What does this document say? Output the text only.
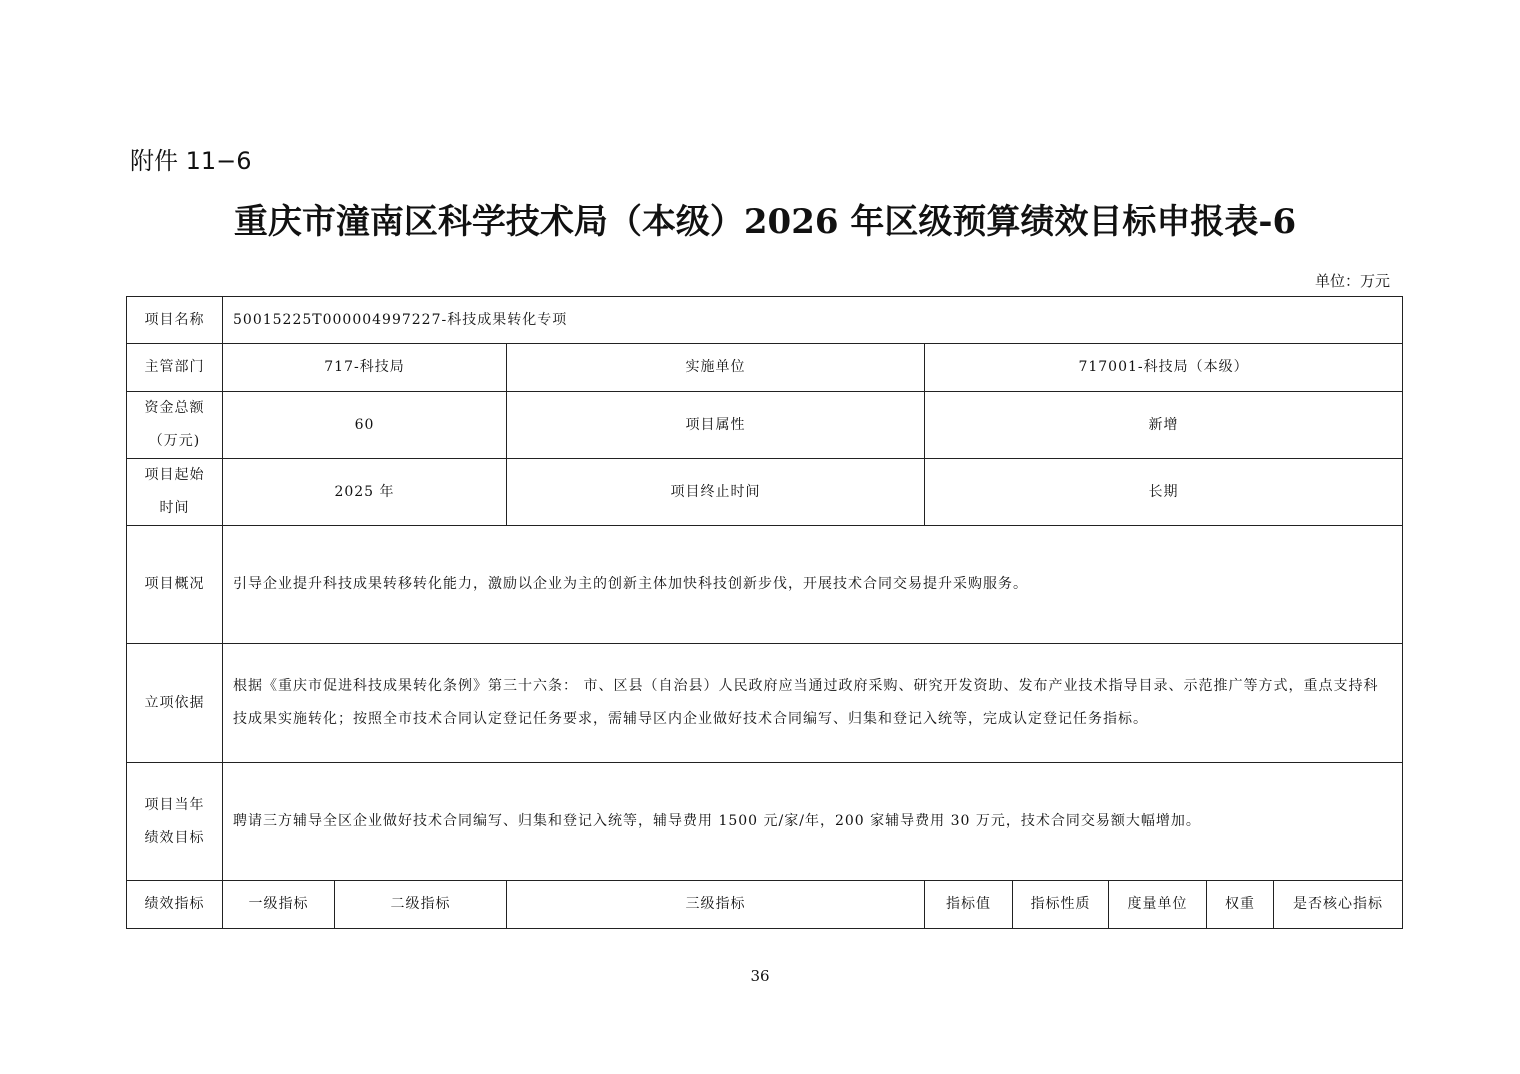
附件 11−6
重庆市潼南区科学技术局（本级）2026 年区级预算绩效目标申报表-6
单位：万元
项目名称	50015225T000004997227-科技成果转化专项							
主管部门	717-科技局		实施单位	717001-科技局（本级）				

资金总额
（万元)	60		项目属性	新增				

项目起始
时间	2025 年		项目终止时间	长期				
项目概况	引导企业提升科技成果转移转化能力，激励以企业为主的创新主体加快科技创新步伐，开展技术合同交易提升采购服务。							
立项依据	根据《重庆市促进科技成果转化条例》第三十六条： 市、区县（自治县）人民政府应当通过政府采购、研究开发资助、发布产业技术指导目录、示范推广等方式，重点支持科技成果实施转化；按照全市技术合同认定登记任务要求，需辅导区内企业做好技术合同编写、归集和登记入统等，完成认定登记任务指标。							

项目当年
绩效目标	聘请三方辅导全区企业做好技术合同编写、归集和登记入统等，辅导费用 1500 元/家/年，200 家辅导费用 30 万元，技术合同交易额大幅增加。							
绩效指标	一级指标	二级指标	三级指标	指标值	指标性质	度量单位	权重	是否核心指标
36
